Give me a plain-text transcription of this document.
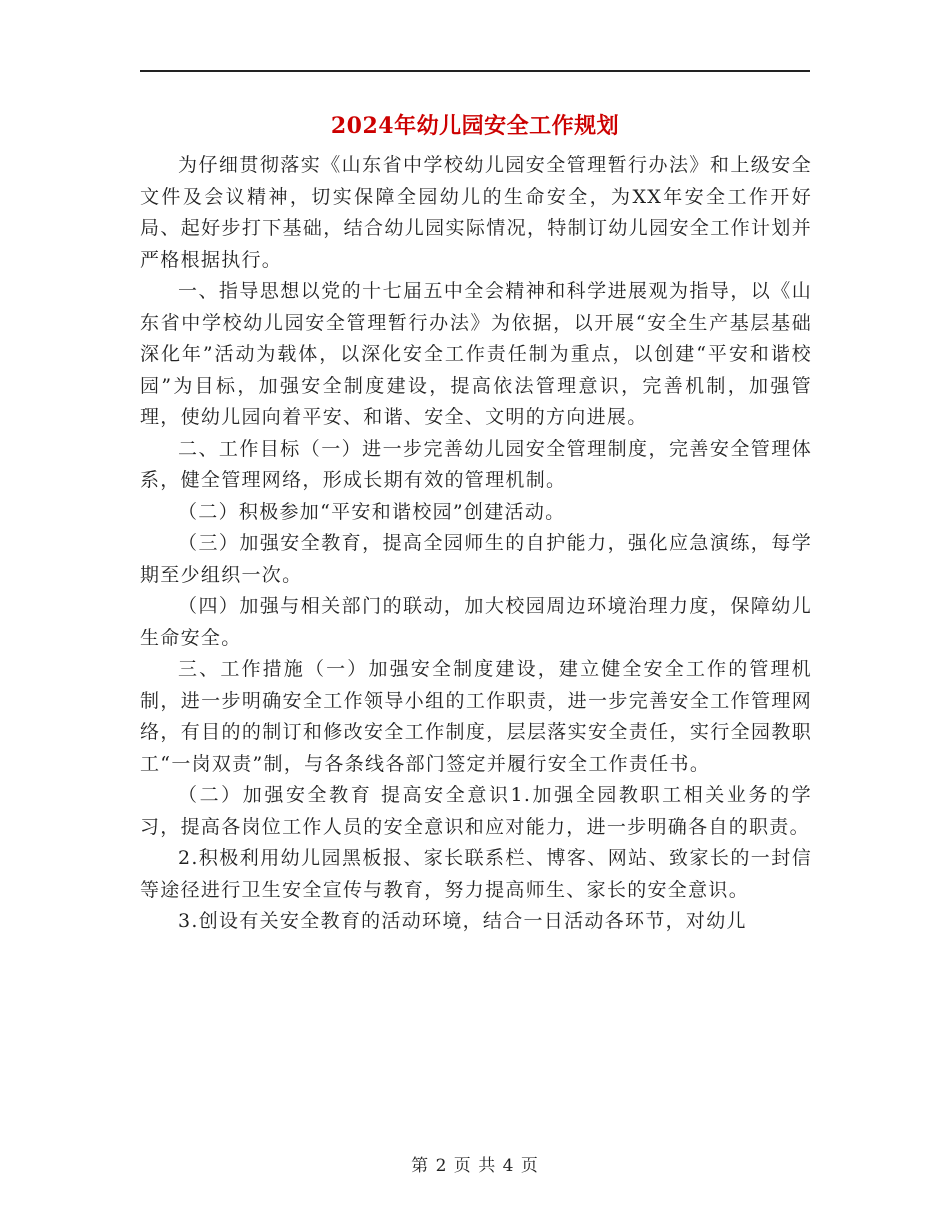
2024年幼儿园安全工作规划

为仔细贯彻落实《山东省中学校幼儿园安全管理暂行办法》和上级安全文件及会议精神，切实保障全园幼儿的生命安全，为XX年安全工作开好局、起好步打下基础，结合幼儿园实际情况，特制订幼儿园安全工作计划并严格根据执行。

一、指导思想以党的十七届五中全会精神和科学进展观为指导，以《山东省中学校幼儿园安全管理暂行办法》为依据，以开展“安全生产基层基础深化年”活动为载体，以深化安全工作责任制为重点，以创建“平安和谐校园”为目标，加强安全制度建设，提高依法管理意识，完善机制，加强管理，使幼儿园向着平安、和谐、安全、文明的方向进展。

二、工作目标（一）进一步完善幼儿园安全管理制度，完善安全管理体系，健全管理网络，形成长期有效的管理机制。

（二）积极参加“平安和谐校园”创建活动。

（三）加强安全教育，提高全园师生的自护能力，强化应急演练，每学期至少组织一次。

（四）加强与相关部门的联动，加大校园周边环境治理力度，保障幼儿生命安全。

三、工作措施（一）加强安全制度建设，建立健全安全工作的管理机制，进一步明确安全工作领导小组的工作职责，进一步完善安全工作管理网络，有目的的制订和修改安全工作制度，层层落实安全责任，实行全园教职工“一岗双责”制，与各条线各部门签定并履行安全工作责任书。

（二）加强安全教育 提高安全意识1.加强全园教职工相关业务的学习，提高各岗位工作人员的安全意识和应对能力，进一步明确各自的职责。

2.积极利用幼儿园黑板报、家长联系栏、博客、网站、致家长的一封信等途径进行卫生安全宣传与教育，努力提高师生、家长的安全意识。

3.创设有关安全教育的活动环境，结合一日活动各环节，对幼儿

第 2 页 共 4 页
